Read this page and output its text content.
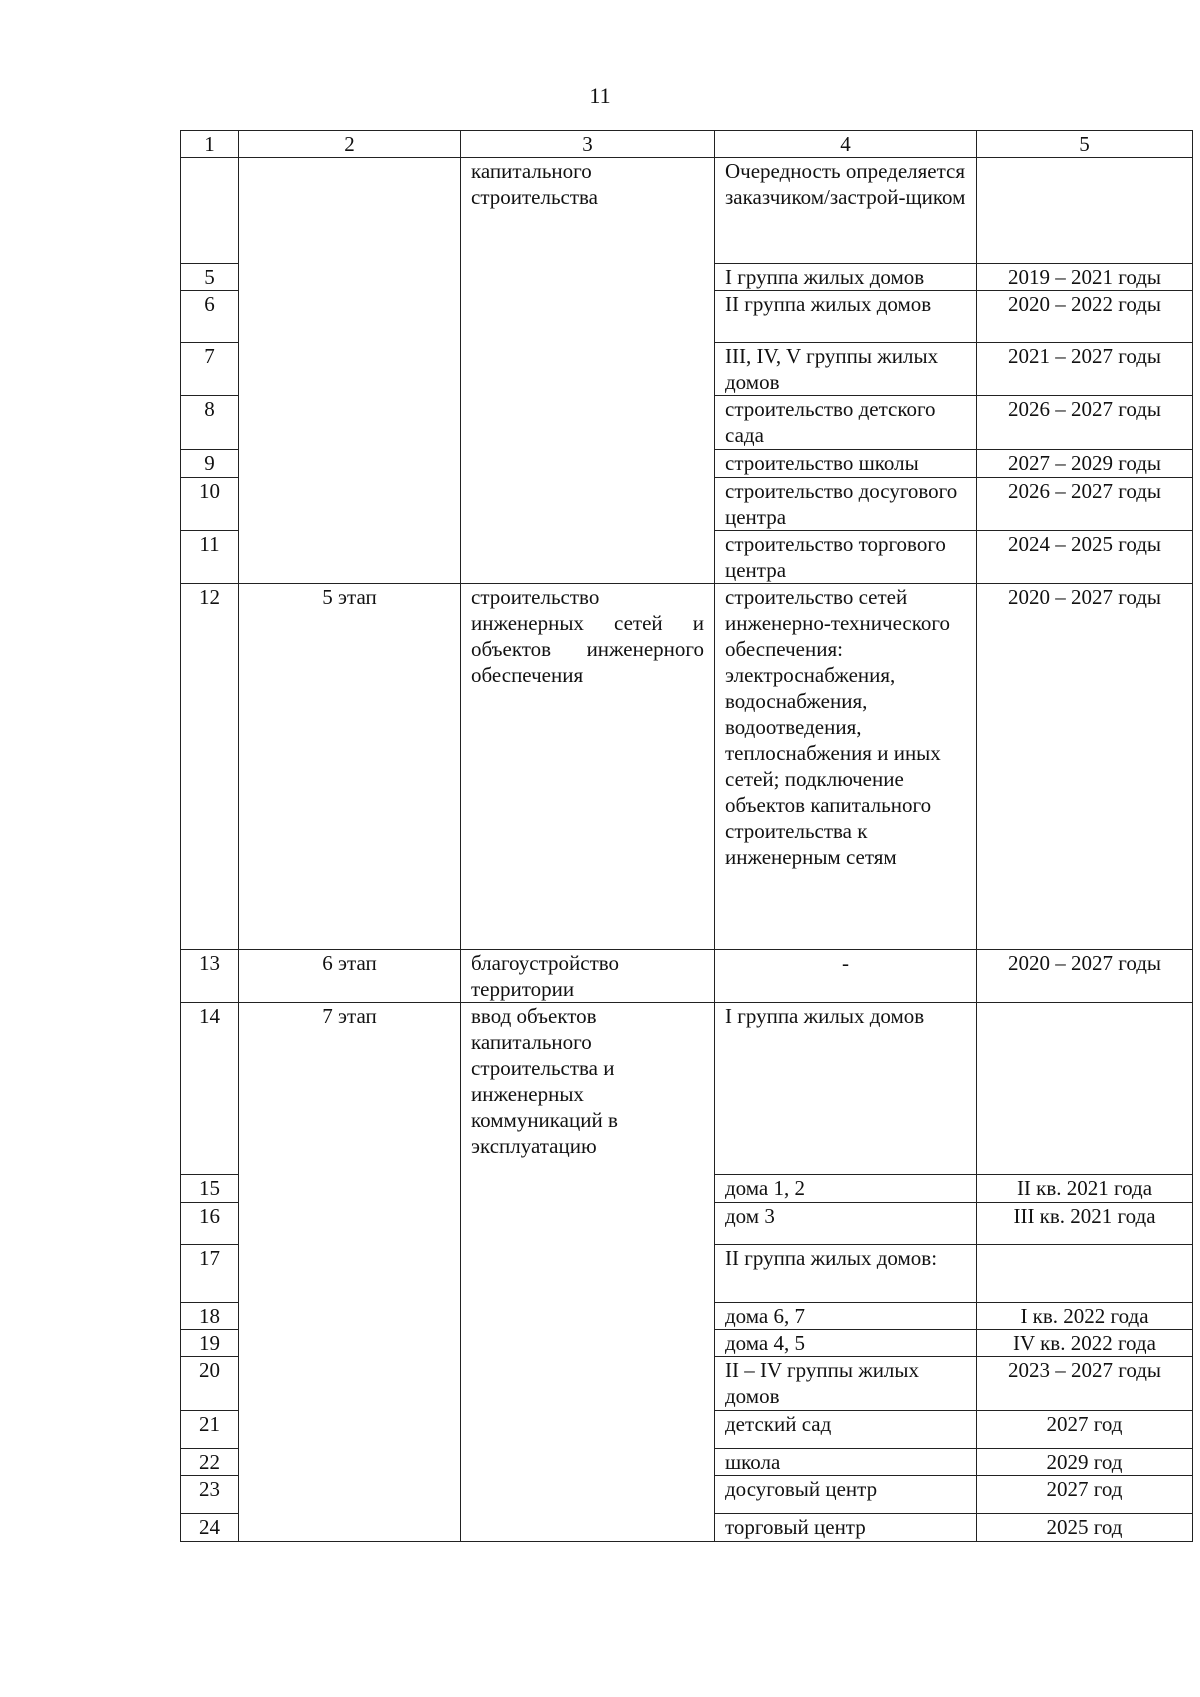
11
1	2	3	4	5
		капитального строительства	Очередность определяется заказчиком/застрой-щиком	
5			I группа жилых домов	2019 – 2021 годы
6			II группа жилых домов	2020 – 2022 годы
7			III, IV, V группы жилых домов	2021 – 2027 годы
8			строительство детского сада	2026 – 2027 годы
9			строительство школы	2027 – 2029 годы
10			строительство досугового центра	2026 – 2027 годы
11			строительство торгового центра	2024 – 2025 годы
12	5 этап	строительство инженерных сетей и объектов инженерного обеспечения	строительство сетей инженерно-технического обеспечения: электроснабжения, водоснабжения, водоотведения, теплоснабжения и иных сетей; подключение объектов капитального строительства к инженерным сетям	2020 – 2027 годы
13	6 этап	благоустройство территории	-	2020 – 2027 годы
14	7 этап	ввод объектов капитального строительства и инженерных коммуникаций в эксплуатацию	I группа жилых домов	
15			дома 1, 2	II кв. 2021 года
16			дом 3	III кв. 2021 года
17			II группа жилых домов:	
18			дома 6, 7	I кв. 2022 года
19			дома 4, 5	IV кв. 2022 года
20			II – IV группы жилых домов	2023 – 2027 годы
21			детский сад	2027 год
22			школа	2029 год
23			досуговый центр	2027 год
24			торговый центр	2025 год
